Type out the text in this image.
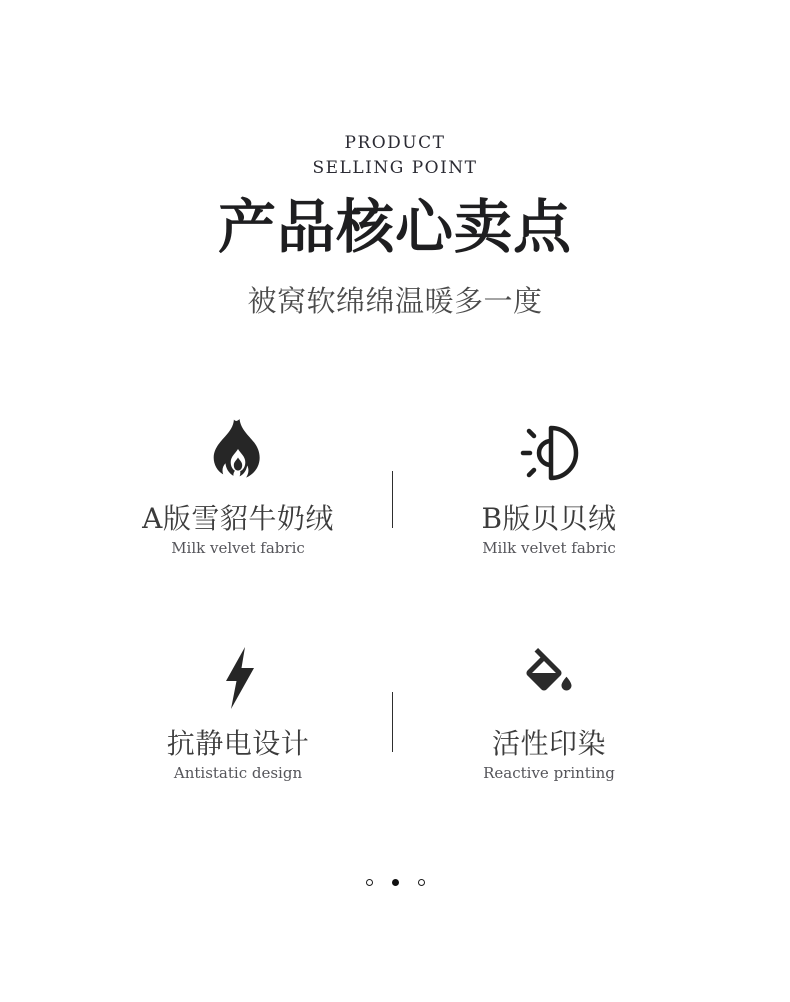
PRODUCT
SELLING POINT
产品核心卖点
被窝软绵绵温暖多一度
A版雪貂牛奶绒
Milk velvet fabric
B版贝贝绒
Milk velvet fabric
抗静电设计
Antistatic design
活性印染
Reactive printing
